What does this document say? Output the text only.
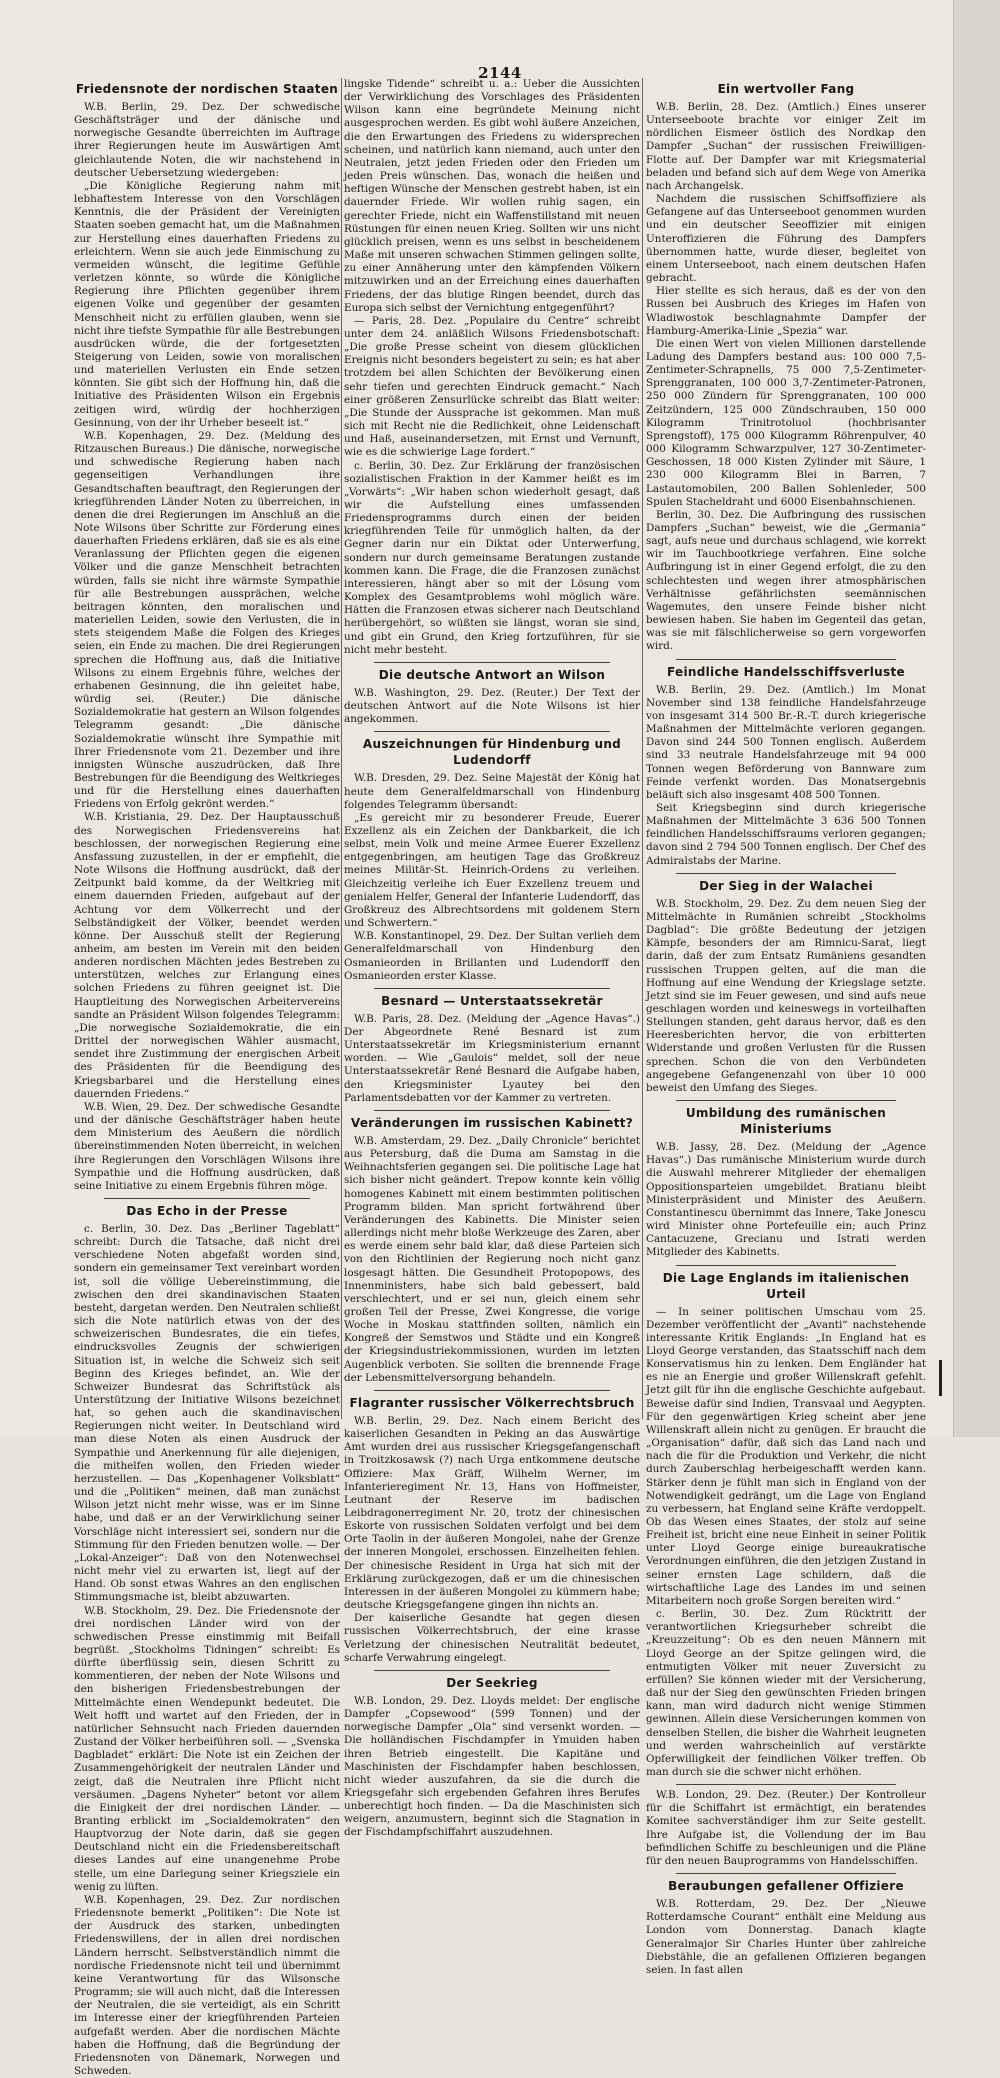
2144
Friedensnote der nordischen Staaten

W.B. Berlin, 29. Dez. Der schwedische Geschäftsträger und der dänische und norwegische Gesandte überreichten im Auftrage ihrer Regierungen heute im Auswärtigen Amt gleichlautende Noten, die wir nachstehend in deutscher Uebersetzung wiedergeben:

„Die Königliche Regierung nahm mit lebhaftestem Interesse von den Vorschlägen Kenntnis, die der Präsident der Vereinigten Staaten soeben gemacht hat, um die Maßnahmen zur Herstellung eines dauerhaften Friedens zu erleichtern. Wenn sie auch jede Einmischung zu vermeiden wünscht, die legitime Gefühle verletzen könnte, so würde die Königliche Regierung ihre Pflichten gegenüber ihrem eigenen Volke und gegenüber der gesamten Menschheit nicht zu erfüllen glauben, wenn sie nicht ihre tiefste Sympathie für alle Bestrebungen ausdrücken würde, die der fortgesetzten Steigerung von Leiden, sowie von moralischen und materiellen Verlusten ein Ende setzen könnten. Sie gibt sich der Hoffnung hin, daß die Initiative des Präsidenten Wilson ein Ergebnis zeitigen wird, würdig der hochherzigen Gesinnung, von der ihr Urheber beseelt ist.“

W.B. Kopenhagen, 29. Dez. (Meldung des Ritzauschen Bureaus.) Die dänische, norwegische und schwedische Regierung haben nach gegenseitigen Verhandlungen ihre Gesandtschaften beauftragt, den Regierungen der kriegführenden Länder Noten zu überreichen, in denen die drei Regierungen im Anschluß an die Note Wilsons über Schritte zur Förderung eines dauerhaften Friedens erklären, daß sie es als eine Veranlassung der Pflichten gegen die eigenen Völker und die ganze Menschheit betrachten würden, falls sie nicht ihre wärmste Sympathie für alle Bestrebungen aussprächen, welche beitragen könnten, den moralischen und materiellen Leiden, sowie den Verlusten, die in stets steigendem Maße die Folgen des Krieges seien, ein Ende zu machen. Die drei Regierungen sprechen die Hoffnung aus, daß die Initiative Wilsons zu einem Ergebnis führe, welches der erhabenen Gesinnung, die ihn geleitet habe, würdig sei. (Reuter.) Die dänische Sozialdemokratie hat gestern an Wilson folgendes Telegramm gesandt: „Die dänische Sozialdemokratie wünscht ihre Sympathie mit Ihrer Friedensnote vom 21. Dezember und ihre innigsten Wünsche auszudrücken, daß Ihre Bestrebungen für die Beendigung des Weltkrieges und für die Herstellung eines dauerhaften Friedens von Erfolg gekrönt werden.“

W.B. Kristiania, 29. Dez. Der Hauptausschuß des Norwegischen Friedensvereins hat beschlossen, der norwegischen Regierung eine Ansfassung zuzustellen, in der er empfiehlt, die Note Wilsons die Hoffnung ausdrückt, daß der Zeitpunkt bald komme, da der Weltkrieg mit einem dauernden Frieden, aufgebaut auf der Achtung vor dem Völkerrecht und der Selbständigkeit der Völker, beendet werden könne. Der Ausschuß stellt der Regierung anheim, am besten im Verein mit den beiden anderen nordischen Mächten jedes Bestreben zu unterstützen, welches zur Erlangung eines solchen Friedens zu führen geeignet ist. Die Hauptleitung des Norwegischen Arbeitervereins sandte an Präsident Wilson folgendes Telegramm: „Die norwegische Sozialdemokratie, die ein Drittel der norwegischen Wähler ausmacht, sendet ihre Zustimmung der energischen Arbeit des Präsidenten für die Beendigung des Kriegsbarbarei und die Herstellung eines dauernden Friedens.“

W.B. Wien, 29. Dez. Der schwedische Gesandte und der dänische Geschäftsträger haben heute dem Ministerium des Aeußern die nördlich übereinstimmenden Noten überreicht, in welchen ihre Regierungen den Vorschlägen Wilsons ihre Sympathie und die Hoffnung ausdrücken, daß seine Initiative zu einem Ergebnis führen möge.

Das Echo in der Presse

c. Berlin, 30. Dez. Das „Berliner Tageblatt“ schreibt: Durch die Tatsache, daß nicht drei verschiedene Noten abgefaßt worden sind, sondern ein gemeinsamer Text vereinbart worden ist, soll die völlige Uebereinstimmung, die zwischen den drei skandinavischen Staaten besteht, dargetan werden. Den Neutralen schließt sich die Note natürlich etwas von der des schweizerischen Bundesrates, die ein tiefes, eindrucksvolles Zeugnis der schwierigen Situation ist, in welche die Schweiz sich seit Beginn des Krieges befindet, an. Wie der Schweizer Bundesrat das Schriftstück als Unterstützung der Initiative Wilsons bezeichnet hat, so gehen auch die skandinavischen Regierungen nicht weiter. In Deutschland wird man diese Noten als einen Ausdruck der Sympathie und Anerkennung für alle diejenigen, die mithelfen wollen, den Frieden wieder herzustellen. — Das „Kopenhagener Volksblatt“ und die „Politiken“ meinen, daß man zunächst Wilson jetzt nicht mehr wisse, was er im Sinne habe, und daß er an der Verwirklichung seiner Vorschläge nicht interessiert sei, sondern nur die Stimmung für den Frieden benutzen wolle. — Der „Lokal-Anzeiger“: Daß von den Notenwechsel nicht mehr viel zu erwarten ist, liegt auf der Hand. Ob sonst etwas Wahres an den englischen Stimmungsmache ist, bleibt abzuwarten.

W.B. Stockholm, 29. Dez. Die Friedensnote der drei nordischen Länder wird von der schwedischen Presse einstimmig mit Beifall begrüßt. „Stockholms Tidningen“ schreibt: Es dürfte überflüssig sein, diesen Schritt zu kommentieren, der neben der Note Wilsons und den bisherigen Friedensbestrebungen der Mittelmächte einen Wendepunkt bedeutet. Die Welt hofft und wartet auf den Frieden, der in natürlicher Sehnsucht nach Frieden dauernden Zustand der Völker herbeiführen soll. — „Svenska Dagbladet“ erklärt: Die Note ist ein Zeichen der Zusammengehörigkeit der neutralen Länder und zeigt, daß die Neutralen ihre Pflicht nicht versäumen. „Dagens Nyheter“ betont vor allem die Einigkeit der drei nordischen Länder. — Branting erblickt im „Socialdemokraten“ den Hauptvorzug der Note darin, daß sie gegen Deutschland nicht ein die Friedensbereitschaft dieses Landes auf eine unangenehme Probe stelle, um eine Darlegung seiner Kriegsziele ein wenig zu lüften.

W.B. Kopenhagen, 29. Dez. Zur nordischen Friedensnote bemerkt „Politiken“: Die Note ist der Ausdruck des starken, unbedingten Friedenswillens, der in allen drei nordischen Ländern herrscht. Selbstverständlich nimmt die nordische Friedensnote nicht teil und übernimmt keine Verantwortung für das Wilsonsche Programm; sie will auch nicht, daß die Interessen der Neutralen, die sie verteidigt, als ein Schritt im Interesse einer der kriegführenden Parteien aufgefaßt werden. Aber die nordischen Mächte haben die Hoffnung, daß die Begründung der Friedensnoten von Dänemark, Norwegen und Schweden.

lingske Tidende“ schreibt u. a.: Ueber die Aussichten der Verwirklichung des Vorschlages des Präsidenten Wilson kann eine begründete Meinung nicht ausgesprochen werden. Es gibt wohl äußere Anzeichen, die den Erwartungen des Friedens zu widersprechen scheinen, und natürlich kann niemand, auch unter den Neutralen, jetzt jeden Frieden oder den Frieden um jeden Preis wünschen. Das, wonach die heißen und heftigen Wünsche der Menschen gestrebt haben, ist ein dauernder Friede. Wir wollen ruhig sagen, ein gerechter Friede, nicht ein Waffenstillstand mit neuen Rüstungen für einen neuen Krieg. Sollten wir uns nicht glücklich preisen, wenn es uns selbst in bescheidenem Maße mit unseren schwachen Stimmen gelingen sollte, zu einer Annäherung unter den kämpfenden Völkern mitzuwirken und an der Erreichung eines dauerhaften Friedens, der das blutige Ringen beendet, durch das Europa sich selbst der Vernichtung entgegenführt?

— Paris, 28. Dez. „Populaire du Centre“ schreibt unter dem 24. anläßlich Wilsons Friedensbotschaft: „Die große Presse scheint von diesem glücklichen Ereignis nicht besonders begeistert zu sein; es hat aber trotzdem bei allen Schichten der Bevölkerung einen sehr tiefen und gerechten Eindruck gemacht.“ Nach einer größeren Zensurlücke schreibt das Blatt weiter: „Die Stunde der Aussprache ist gekommen. Man muß sich mit Recht nie die Redlichkeit, ohne Leidenschaft und Haß, auseinandersetzen, mit Ernst und Vernunft, wie es die schwierige Lage fordert.“

c. Berlin, 30. Dez. Zur Erklärung der französischen sozialistischen Fraktion in der Kammer heißt es im „Vorwärts“: „Wir haben schon wiederholt gesagt, daß wir die Aufstellung eines umfassenden Friedensprogramms durch einen der beiden kriegführenden Teile für unmöglich halten, da der Gegner darin nur ein Diktat oder Unterwerfung, sondern nur durch gemeinsame Beratungen zustande kommen kann. Die Frage, die die Franzosen zunächst interessieren, hängt aber so mit der Lösung vom Komplex des Gesamtproblems wohl möglich wäre. Hätten die Franzosen etwas sicherer nach Deutschland herübergehört, so wüßten sie längst, woran sie sind, und gibt ein Grund, den Krieg fortzuführen, für sie nicht mehr besteht.

Die deutsche Antwort an Wilson

W.B. Washington, 29. Dez. (Reuter.) Der Text der deutschen Antwort auf die Note Wilsons ist hier angekommen.

Auszeichnungen für Hindenburg und Ludendorff

W.B. Dresden, 29. Dez. Seine Majestät der König hat heute dem Generalfeldmarschall von Hindenburg folgendes Telegramm übersandt:

„Es gereicht mir zu besonderer Freude, Euerer Exzellenz als ein Zeichen der Dankbarkeit, die ich selbst, mein Volk und meine Armee Euerer Exzellenz entgegenbringen, am heutigen Tage das Großkreuz meines Militär-St. Heinrich-Ordens zu verleihen. Gleichzeitig verleihe ich Euer Exzellenz treuem und genialem Helfer, General der Infanterie Ludendorff, das Großkreuz des Albrechtsordens mit goldenem Stern und Schwertern.“

W.B. Konstantinopel, 29. Dez. Der Sultan verlieh dem Generalfeldmarschall von Hindenburg den Osmanieorden in Brillanten und Ludendorff den Osmanieorden erster Klasse.

Besnard — Unterstaatssekretär

W.B. Paris, 28. Dez. (Meldung der „Agence Havas“.) Der Abgeordnete René Besnard ist zum Unterstaatssekretär im Kriegsministerium ernannt worden. — Wie „Gaulois“ meldet, soll der neue Unterstaatssekretär René Besnard die Aufgabe haben, den Kriegsminister Lyautey bei den Parlamentsdebatten vor der Kammer zu vertreten.

Veränderungen im russischen Kabinett?

W.B. Amsterdam, 29. Dez. „Daily Chronicle“ berichtet aus Petersburg, daß die Duma am Samstag in die Weihnachtsferien gegangen sei. Die politische Lage hat sich bisher nicht geändert. Trepow konnte kein völlig homogenes Kabinett mit einem bestimmten politischen Programm bilden. Man spricht fortwährend über Veränderungen des Kabinetts. Die Minister seien allerdings nicht mehr bloße Werkzeuge des Zaren, aber es werde einem sehr bald klar, daß diese Parteien sich von den Richtlinien der Regierung noch nicht ganz losgesagt hätten. Die Gesundheit Protopopows, des Innenministers, habe sich bald gebessert, bald verschlechtert, und er sei nun, gleich einem sehr großen Teil der Presse, Zwei Kongresse, die vorige Woche in Moskau stattfinden sollten, nämlich ein Kongreß der Semstwos und Städte und ein Kongreß der Kriegsindustriekommissionen, wurden im letzten Augenblick verboten. Sie sollten die brennende Frage der Lebensmittelversorgung behandeln.

Flagranter russischer Völkerrechtsbruch

W.B. Berlin, 29. Dez. Nach einem Bericht des kaiserlichen Gesandten in Peking an das Auswärtige Amt wurden drei aus russischer Kriegsgefangenschaft in Troitzkosawsk (?) nach Urga entkommene deutsche Offiziere: Max Gräff, Wilhelm Werner, im Infanterieregiment Nr. 13, Hans von Hoffmeister, Leutnant der Reserve im badischen Leibdragonerregiment Nr. 20, trotz der chinesischen Eskorte von russischen Soldaten verfolgt und bei dem Orte Taolin in der äußeren Mongolei, nahe der Grenze der inneren Mongolei, erschossen. Einzelheiten fehlen. Der chinesische Resident in Urga hat sich mit der Erklärung zurückgezogen, daß er um die chinesischen Interessen in der äußeren Mongolei zu kümmern habe; deutsche Kriegsgefangene gingen ihn nichts an.

Der kaiserliche Gesandte hat gegen diesen russischen Völkerrechtsbruch, der eine krasse Verletzung der chinesischen Neutralität bedeutet, scharfe Verwahrung eingelegt.

Der Seekrieg

W.B. London, 29. Dez. Lloyds meldet: Der englische Dampfer „Copsewood“ (599 Tonnen) und der norwegische Dampfer „Ola“ sind versenkt worden. — Die holländischen Fischdampfer in Ymuiden haben ihren Betrieb eingestellt. Die Kapitäne und Maschinisten der Fischdampfer haben beschlossen, nicht wieder auszufahren, da sie die durch die Kriegsgefahr sich ergebenden Gefahren ihres Berufes unberechtigt hoch finden. — Da die Maschinisten sich weigern, anzumustern, beginnt sich die Stagnation in der Fischdampfschiffahrt auszudehnen.

Ein wertvoller Fang

W.B. Berlin, 28. Dez. (Amtlich.) Eines unserer Unterseeboote brachte vor einiger Zeit im nördlichen Eismeer östlich des Nordkap den Dampfer „Suchan“ der russischen Freiwilligen-Flotte auf. Der Dampfer war mit Kriegsmaterial beladen und befand sich auf dem Wege von Amerika nach Archangelsk.

Nachdem die russischen Schiffsoffiziere als Gefangene auf das Unterseeboot genommen wurden und ein deutscher Seeoffizier mit einigen Unteroffizieren die Führung des Dampfers übernommen hatte, wurde dieser, begleitet von einem Unterseeboot, nach einem deutschen Hafen gebracht.

Hier stellte es sich heraus, daß es der von den Russen bei Ausbruch des Krieges im Hafen von Wladiwostok beschlagnahmte Dampfer der Hamburg-Amerika-Linie „Spezia“ war.

Die einen Wert von vielen Millionen darstellende Ladung des Dampfers bestand aus: 100 000 7,5-Zentimeter-Schrapnells, 75 000 7,5-Zentimeter-Sprenggranaten, 100 000 3,7-Zentimeter-Patronen, 250 000 Zündern für Sprenggranaten, 100 000 Zeitzündern, 125 000 Zündschrauben, 150 000 Kilogramm Trinitrotoluol (hochbrisanter Sprengstoff), 175 000 Kilogramm Röhrenpulver, 40 000 Kilogramm Schwarzpulver, 127 30-Zentimeter-Geschossen, 18 000 Kisten Zylinder mit Säure, 1 230 000 Kilogramm Blei in Barren, 7 Lastautomobilen, 200 Ballen Sohlenleder, 500 Spulen Stacheldraht und 6000 Eisenbahnschienen.

Berlin, 30. Dez. Die Aufbringung des russischen Dampfers „Suchan“ beweist, wie die „Germania“ sagt, aufs neue und durchaus schlagend, wie korrekt wir im Tauchbootkriege verfahren. Eine solche Aufbringung ist in einer Gegend erfolgt, die zu den schlechtesten und wegen ihrer atmosphärischen Verhältnisse gefährlichsten seemännischen Wagemutes, den unsere Feinde bisher nicht bewiesen haben. Sie haben im Gegenteil das getan, was sie mit fälschlicherweise so gern vorgeworfen wird.

Feindliche Handelsschiffsverluste

W.B. Berlin, 29. Dez. (Amtlich.) Im Monat November sind 138 feindliche Handelsfahrzeuge von insgesamt 314 500 Br.-R.-T. durch kriegerische Maßnahmen der Mittelmächte verloren gegangen. Davon sind 244 500 Tonnen englisch. Außerdem sind 33 neutrale Handelsfahrzeuge mit 94 000 Tonnen wegen Beförderung von Bannware zum Feinde verfenkt worden. Das Monatsergebnis beläuft sich also insgesamt 408 500 Tonnen.

Seit Kriegsbeginn sind durch kriegerische Maßnahmen der Mittelmächte 3 636 500 Tonnen feindlichen Handelsschiffsraums verloren gegangen; davon sind 2 794 500 Tonnen englisch. Der Chef des Admiralstabs der Marine.

Der Sieg in der Walachei

W.B. Stockholm, 29. Dez. Zu dem neuen Sieg der Mittelmächte in Rumänien schreibt „Stockholms Dagblad“: Die größte Bedeutung der jetzigen Kämpfe, besonders der am Rimnicu-Sarat, liegt darin, daß der zum Entsatz Rumäniens gesandten russischen Truppen gelten, auf die man die Hoffnung auf eine Wendung der Kriegslage setzte. Jetzt sind sie im Feuer gewesen, und sind aufs neue geschlagen worden und keineswegs in vorteilhaften Stellungen standen, geht daraus hervor, daß es den Heeresberichten hervor, die von erbitterten Widerstande und großen Verlusten für die Russen sprechen. Schon die von den Verbündeten angegebene Gefangenenzahl von über 10 000 beweist den Umfang des Sieges.

Umbildung des rumänischen Ministeriums

W.B. Jassy, 28. Dez. (Meldung der „Agence Havas“.) Das rumänische Ministerium wurde durch die Auswahl mehrerer Mitglieder der ehemaligen Oppositionsparteien umgebildet. Bratianu bleibt Ministerpräsident und Minister des Aeußern. Constantinescu übernimmt das Innere, Take Jonescu wird Minister ohne Portefeuille ein; auch Prinz Cantacuzene, Grecianu und Istrati werden Mitglieder des Kabinetts.

Die Lage Englands im italienischen Urteil

— In seiner politischen Umschau vom 25. Dezember veröffentlicht der „Avanti“ nachstehende interessante Kritik Englands: „In England hat es Lloyd George verstanden, das Staatsschiff nach dem Konservatismus hin zu lenken. Dem Engländer hat es nie an Energie und großer Willenskraft gefehlt. Jetzt gilt für ihn die englische Geschichte aufgebaut. Beweise dafür sind Indien, Transvaal und Aegypten. Für den gegenwärtigen Krieg scheint aber jene Willenskraft allein nicht zu genügen. Er braucht die „Organisation“ dafür, daß sich das Land nach und nach die für die Produktion und Verkehr, die nicht durch Zauberschlag herbeigeschafft werden kann. Stärker denn je fühlt man sich in England von der Notwendigkeit gedrängt, um die Lage von England zu verbessern, hat England seine Kräfte verdoppelt. Ob das Wesen eines Staates, der stolz auf seine Freiheit ist, bricht eine neue Einheit in seiner Politik unter Lloyd George einige bureaukratische Verordnungen einführen, die den jetzigen Zustand in seiner ernsten Lage schildern, daß die wirtschaftliche Lage des Landes im und seinen Mitarbeitern noch große Sorgen bereiten wird.“

c. Berlin, 30. Dez. Zum Rücktritt der verantwortlichen Kriegsurheber schreibt die „Kreuzzeitung“: Ob es den neuen Männern mit Lloyd George an der Spitze gelingen wird, die entmutigten Völker mit neuer Zuversicht zu erfüllen? Sie können wieder mit der Versicherung, daß nur der Sieg den gewünschten Frieden bringen kann, man wird dadurch nicht wenige Stimmen gewinnen. Allein diese Versicherungen kommen von denselben Stellen, die bisher die Wahrheit leugneten und werden wahrscheinlich auf verstärkte Opferwilligkeit der feindlichen Völker treffen. Ob man durch sie die schwer nicht erhöhen.

W.B. London, 29. Dez. (Reuter.) Der Kontrolleur für die Schiffahrt ist ermächtigt, ein beratendes Komitee sachverständiger ihm zur Seite gestellt. Ihre Aufgabe ist, die Vollendung der im Bau befindlichen Schiffe zu beschleunigen und die Pläne für den neuen Bauprogramms von Handelsschiffen.

Beraubungen gefallener Offiziere

W.B. Rotterdam, 29. Dez. Der „Nieuwe Rotterdamsche Courant“ enthält eine Meldung aus London vom Donnerstag. Danach klagte Generalmajor Sir Charles Hunter über zahlreiche Diebstähle, die an gefallenen Offizieren begangen seien. In fast allen
